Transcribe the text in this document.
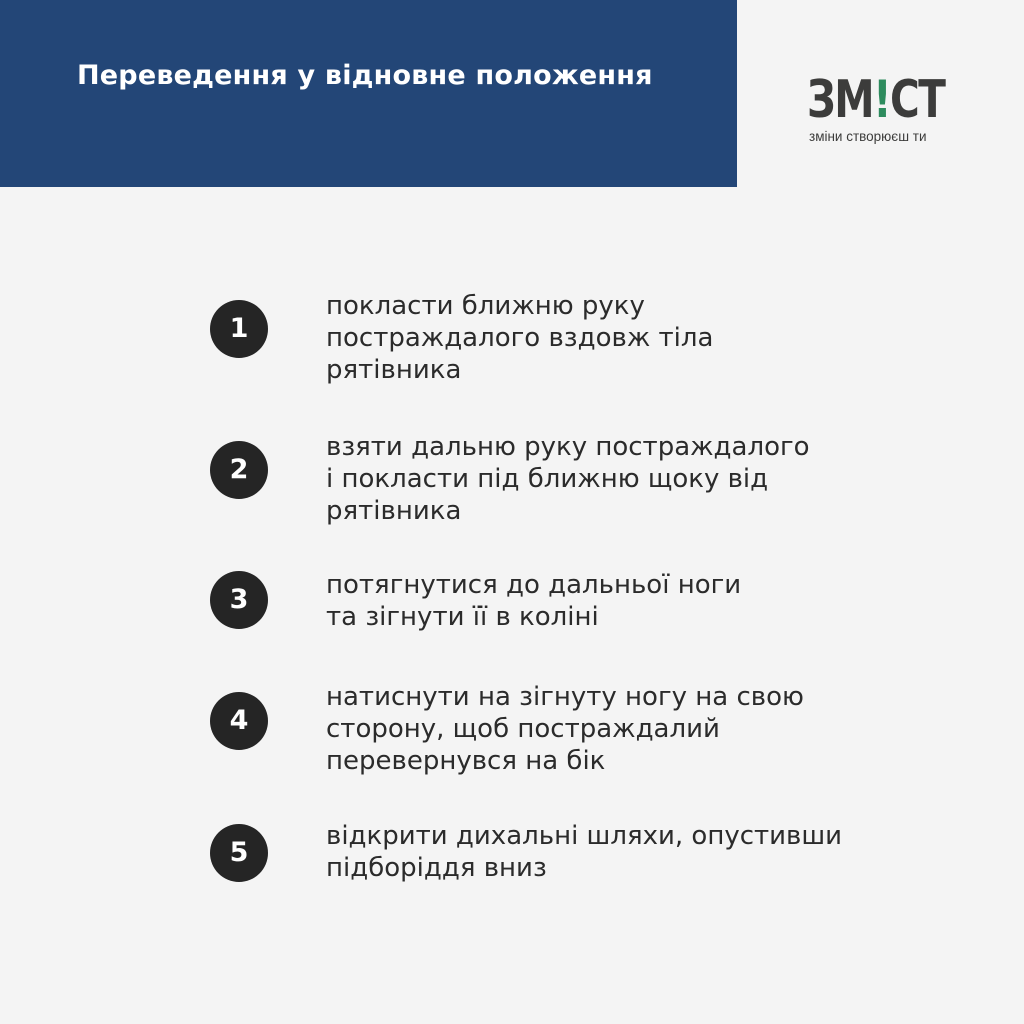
Переведення у відновне положення	ЗМ!СТ
зміни створюєш ти
1
покласти ближню руку
постраждалого вздовж тіла
рятівника
2
взяти дальню руку постраждалого
і покласти під ближню щоку від
рятівника
3	потягнутися до дальньої ноги
та зігнути її в коліні
4
натиснути на зігнуту ногу на свою
сторону, щоб постраждалий
перевернувся на бік
5
відкрити дихальні шляхи, опустивши
підборіддя вниз
